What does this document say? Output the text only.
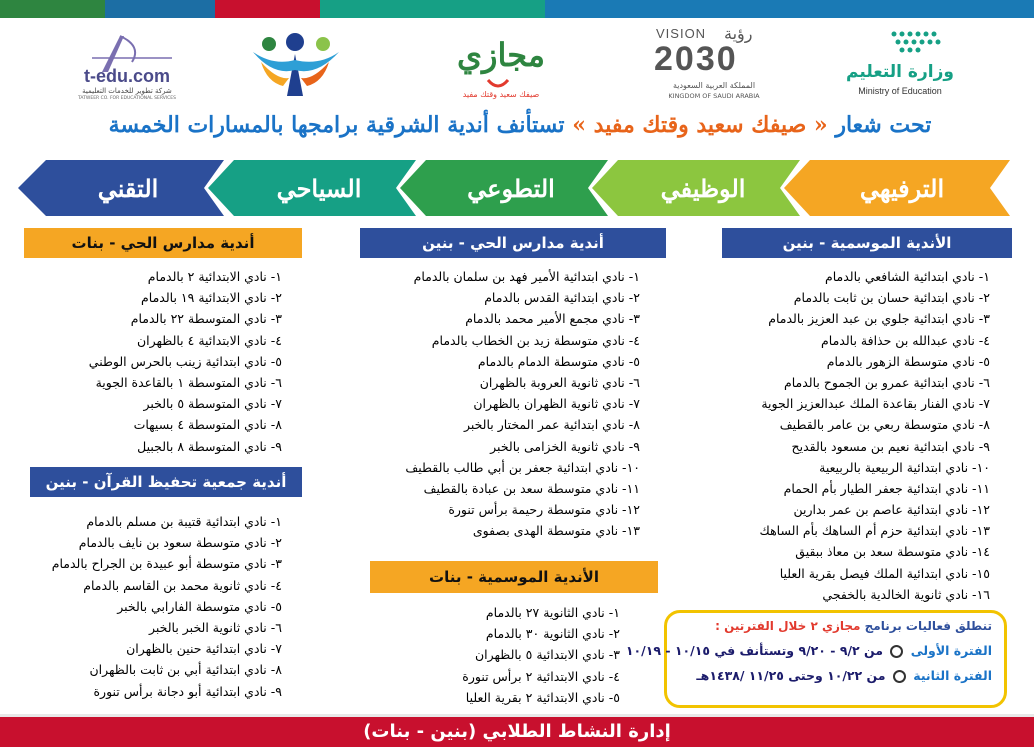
t-edu.com
شركة تطوير للخدمات التعليمية
TATWEER CO. FOR EDUCATIONAL SERVICES
مجازي
صيفك سعيد وقتك مفيد
VISION رؤية
2030
المملكة العربية السعودية
KINGDOM OF SAUDI ARABIA
وزارة التعليم
Ministry of Education
تحت شعار « صيفك سعيد وقتك مفيد » تستأنف أندية الشرقية برامجها بالمسارات الخمسة
التقني	السياحي	التطوعي	الوظيفي	الترفيهي
الأندية الموسمية - بنين
١- نادي ابتدائية الشافعي بالدمام
٢- نادي ابتدائية حسان بن ثابت بالدمام
٣- نادي ابتدائية جلوي بن عبد العزيز بالدمام
٤- نادي عبدالله بن حذافة بالدمام
٥- نادي متوسطة الزهور بالدمام
٦- نادي ابتدائية عمرو بن الجموح بالدمام
٧- نادي الفنار بقاعدة الملك عبدالعزيز الجوية
٨- نادي متوسطة ربعي بن عامر بالقطيف
٩- نادي ابتدائية نعيم بن مسعود بالقديح
١٠- نادي ابتدائية الربيعية بالربيعية
١١- نادي ابتدائية جعفر الطيار بأم الحمام
١٢- نادي ابتدائية عاصم بن عمر بدارين
١٣- نادي ابتدائية حزم أم الساهك بأم الساهك
١٤- نادي متوسطة سعد بن معاذ ببقيق
١٥- نادي ابتدائية الملك فيصل بقرية العليا
١٦- نادي ثانوية الخالدية بالخفجي
أندية مدارس الحي - بنين
١- نادي ابتدائية الأمير فهد بن سلمان بالدمام
٢- نادي ابتدائية القدس بالدمام
٣- نادي مجمع الأمير محمد بالدمام
٤- نادي متوسطة زيد بن الخطاب بالدمام
٥- نادي متوسطة الدمام بالدمام
٦- نادي ثانوية العروبة بالظهران
٧- نادي ثانوية الظهران بالظهران
٨- نادي ابتدائية عمر المختار بالخبر
٩- نادي ثانوية الخزامى بالخبر
١٠- نادي ابتدائية جعفر بن أبي طالب بالقطيف
١١- نادي متوسطة سعد بن عبادة بالقطيف
١٢- نادي متوسطة رحيمة برأس تنورة
١٣- نادي متوسطة الهدى بصفوى
الأندية الموسمية - بنات
١- نادي الثانوية ٢٧ بالدمام
٢- نادي الثانوية ٣٠ بالدمام
٣- نادي الابتدائية ٥ بالظهران
٤- نادي الابتدائية ٢ برأس تنورة
٥- نادي الابتدائية ٢ بقرية العليا
أندية مدارس الحي - بنات
١- نادي الابتدائية ٢ بالدمام
٢- نادي الابتدائية ١٩ بالدمام
٣- نادي المتوسطة ٢٢ بالدمام
٤- نادي الابتدائية ٤ بالظهران
٥- نادي ابتدائية زينب بالحرس الوطني
٦- نادي المتوسطة ١ بالقاعدة الجوية
٧- نادي المتوسطة ٥ بالخبر
٨- نادي المتوسطة ٤ بسيهات
٩- نادي المتوسطة ٨ بالجبيل
أندية جمعية تحفيظ القرآن - بنين
١- نادي ابتدائية قتيبة بن مسلم بالدمام
٢- نادي متوسطة سعود بن نايف بالدمام
٣- نادي متوسطة أبو عبيدة بن الجراح بالدمام
٤- نادي ثانوية محمد بن القاسم بالدمام
٥- نادي متوسطة الفارابي بالخبر
٦- نادي ثانوية الخبر بالخبر
٧- نادي ابتدائية حنين بالظهران
٨- نادي ابتدائية أبي بن ثابت بالظهران
٩- نادي ابتدائية أبو دجانة برأس تنورة
تنطلق فعاليات برنامج مجازي ٢ خلال الفترتين :
الفترة الأولى  من ٩/٢ - ٩/٢٠ وتستأنف في ١٠/١٥ - ١٠/١٩
الفترة الثانية  من ١٠/٢٢ وحتى ١١/٢٥ /١٤٣٨هـ
إدارة النشاط الطلابي (بنين - بنات)
